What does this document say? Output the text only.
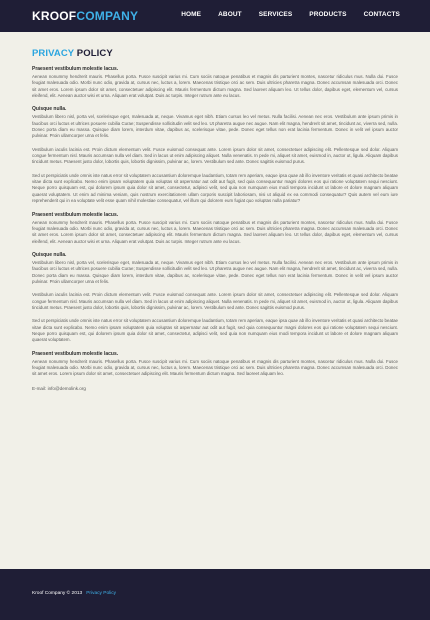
KROOFCOMPANY	HOME	ABOUT	SERVICES	PRODUCTS	CONTACTS
PRIVACY POLICY
Praesent vestibulum molestie lacus.
Aenean nonummy hendrerit mauris. Phasellus porta. Fusce suscipit varius mi. Cum sociis natoque penatibus et magnis dis parturient montes, nascetur ridiculus mus. Nulla dui. Fusce feugiat malesuada odio. Morbi nunc odio, gravida at, cursus nec, luctus a, lorem. Maecenas tristique orci ac sem. Duis ultricies pharetra magna. Donec accumsan malesuada orci. Donec sit amet eros. Lorem ipsum dolor sit amet, consectetuer adipiscing elit. Mauris fermentum dictum magna. Sed laoreet aliquam leo. Ut tellus dolor, dapibus eget, elementum vel, cursus eleifend, elit. Aenean auctor wisi et urna. Aliquam erat volutpat. Duis ac turpis. Integer rutrum ante eu lacus.
Quisque nulla.
Vestibulum libero nisl, porta vel, scelerisque eget, malesuada at, neque. Vivamus eget nibh. Etiam cursus leo vel metus. Nulla facilisi. Aenean nec eros. Vestibulum ante ipsum primis in faucibus orci luctus et ultrices posuere cubilia Curae; Suspendisse sollicitudin velit sed leo. Ut pharetra augue nec augue. Nam elit magna, hendrerit sit amet, tincidunt ac, viverra sed, nulla. Donec porta diam eu massa. Quisque diam lorem, interdum vitae, dapibus ac, scelerisque vitae, pede. Donec eget tellus non erat lacinia fermentum. Donec in velit vel ipsum auctor pulvinar. Proin ullamcorper urna et felis.
Vestibulum iaculis lacinia est. Proin dictum elementum velit. Fusce euismod consequat ante. Lorem ipsum dolor sit amet, consectetuer adipiscing elit. Pellentesque sed dolor. Aliquam congue fermentum nisl. Mauris accumsan nulla vel diam. Sed in lacus ut enim adipiscing aliquet. Nulla venenatis. In pede mi, aliquet sit amet, euismod in, auctor ut, ligula. Aliquam dapibus tincidunt metus. Praesent justo dolor, lobortis quis, lobortis dignissim, pulvinar ac, lorem. Vestibulum sed ante. Donec sagittis euismod purus.
Sed ut perspiciatis unde omnis iste natus error sit voluptatem accusantium doloremque laudantium, totam rem aperiam, eaque ipsa quae ab illo inventore veritatis et quasi architecto beatae vitae dicta sunt explicabo. Nemo enim ipsam voluptatem quia voluptas sit aspernatur aut odit aut fugit, sed quia consequuntur magni dolores eos qui ratione voluptatem sequi nesciunt. Neque porro quisquam est, qui dolorem ipsum quia dolor sit amet, consectetur, adipisci velit, sed quia non numquam eius modi tempora incidunt ut labore et dolore magnam aliquam quaerat voluptatem. Ut enim ad minima veniam, quis nostrum exercitationem ullam corporis suscipit laboriosam, nisi ut aliquid ex ea commodi consequatur? Quis autem vel eum iure reprehenderit qui in ea voluptate velit esse quam nihil molestiae consequatur, vel illum qui dolorem eum fugiat quo voluptas nulla pariatur?
Praesent vestibulum molestie lacus.
Aenean nonummy hendrerit mauris. Phasellus porta. Fusce suscipit varius mi. Cum sociis natoque penatibus et magnis dis parturient montes, nascetur ridiculus mus. Nulla dui. Fusce feugiat malesuada odio. Morbi nunc odio, gravida at, cursus nec, luctus a, lorem. Maecenas tristique orci ac sem. Duis ultricies pharetra magna. Donec accumsan malesuada orci. Donec sit amet eros. Lorem ipsum dolor sit amet, consectetuer adipiscing elit. Mauris fermentum dictum magna. Sed laoreet aliquam leo. Ut tellus dolor, dapibus eget, elementum vel, cursus eleifend, elit. Aenean auctor wisi et urna. Aliquam erat volutpat. Duis ac turpis. Integer rutrum ante eu lacus.
Quisque nulla.
Vestibulum libero nisl, porta vel, scelerisque eget, malesuada at, neque. Vivamus eget nibh. Etiam cursus leo vel metus. Nulla facilisi. Aenean nec eros. Vestibulum ante ipsum primis in faucibus orci luctus et ultrices posuere cubilia Curae; Suspendisse sollicitudin velit sed leo. Ut pharetra augue nec augue. Nam elit magna, hendrerit sit amet, tincidunt ac, viverra sed, nulla. Donec porta diam eu massa. Quisque diam lorem, interdum vitae, dapibus ac, scelerisque vitae, pede. Donec eget tellus non erat lacinia fermentum. Donec in velit vel ipsum auctor pulvinar. Proin ullamcorper urna et felis.
Vestibulum iaculis lacinia est. Proin dictum elementum velit. Fusce euismod consequat ante. Lorem ipsum dolor sit amet, consectetuer adipiscing elit. Pellentesque sed dolor. Aliquam congue fermentum nisl. Mauris accumsan nulla vel diam. Sed in lacus ut enim adipiscing aliquet. Nulla venenatis. In pede mi, aliquet sit amet, euismod in, auctor ut, ligula. Aliquam dapibus tincidunt metus. Praesent justo dolor, lobortis quis, lobortis dignissim, pulvinar ac, lorem. Vestibulum sed ante. Donec sagittis euismod purus.
Sed ut perspiciatis unde omnis iste natus error sit voluptatem accusantium doloremque laudantium, totam rem aperiam, eaque ipsa quae ab illo inventore veritatis et quasi architecto beatae vitae dicta sunt explicabo. Nemo enim ipsam voluptatem quia voluptas sit aspernatur aut odit aut fugit, sed quia consequuntur magni dolores eos qui ratione voluptatem sequi nesciunt. Neque porro quisquam est, qui dolorem ipsum quia dolor sit amet, consectetur, adipisci velit, sed quia non numquam eius modi tempora incidunt ut labore et dolore magnam aliquam quaerat voluptatem.
Praesent vestibulum molestie lacus.
Aenean nonummy hendrerit mauris. Phasellus porta. Fusce suscipit varius mi. Cum sociis natoque penatibus et magnis dis parturient montes, nascetur ridiculus mus. Nulla dui. Fusce feugiat malesuada odio. Morbi nunc odio, gravida at, cursus nec, luctus a, lorem. Maecenas tristique orci ac sem. Duis ultricies pharetra magna. Donec accumsan malesuada orci. Donec sit amet eros. Lorem ipsum dolor sit amet, consectetuer adipiscing elit. Mauris fermentum dictum magna. Sed laoreet aliquam leo.
E-mail: info@demolink.org
Kroof Company © 2013 Privacy Policy
